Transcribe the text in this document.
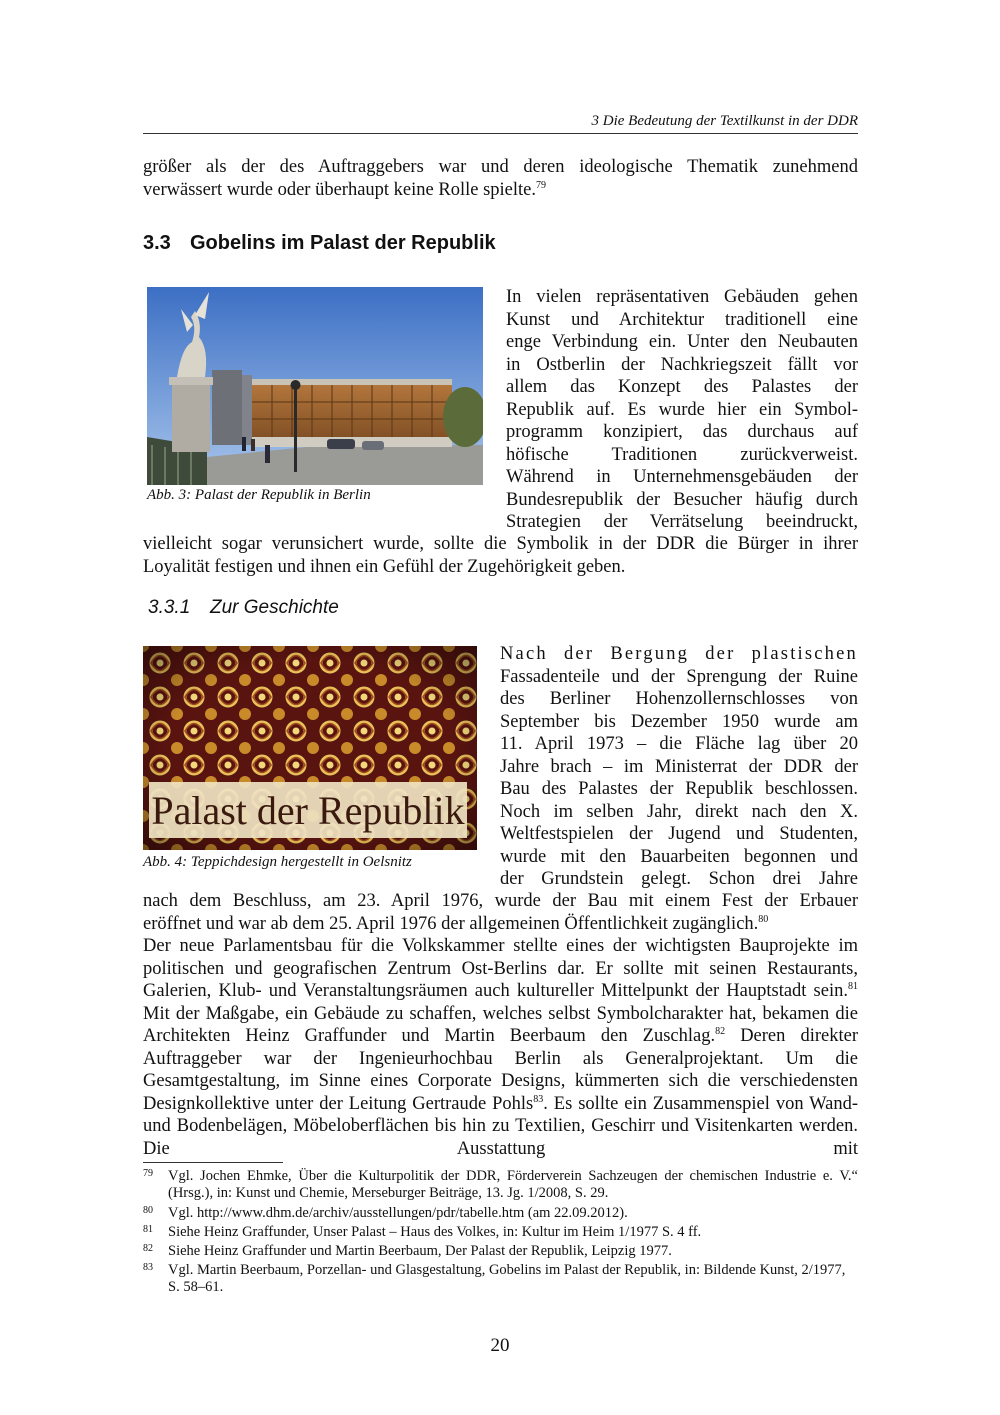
3 Die Bedeutung der Textilkunst in der DDR

größer als der des Auftraggebers war und deren ideologische Thematik zunehmend

verwässert wurde oder überhaupt keine Rolle spielte.$^{79}$

3.3 Gobelins im Palast der Republik
Abb. 3: Palast der Republik in Berlin

In vielen repräsentativen Gebäuden gehen

Kunst und Architektur traditionell eine

enge Verbindung ein. Unter den Neubauten

in Ostberlin der Nachkriegszeit fällt vor

allem das Konzept des Palastes der

Republik auf. Es wurde hier ein Symbol-

programm konzipiert, das durchaus auf

höfische Traditionen zurückverweist.

Während in Unternehmensgebäuden der

Bundesrepublik der Besucher häufig durch

Strategien der Verrätselung beeindruckt,

vielleicht sogar verunsichert wurde, sollte die Symbolik in der DDR die Bürger in ihrer

Loyalität festigen und ihnen ein Gefühl der Zugehörigkeit geben.

3.3.1 Zur Geschichte
Palast der Republik
Abb. 4: Teppichdesign hergestellt in Oelsnitz

Nach der Bergung der plastischen

Fassadenteile und der Sprengung der Ruine

des Berliner Hohenzollernschlosses von

September bis Dezember 1950 wurde am

11. April 1973 – die Fläche lag über 20

Jahre brach – im Ministerrat der DDR der

Bau des Palastes der Republik beschlossen.

Noch im selben Jahr, direkt nach den X.

Weltfestspielen der Jugend und Studenten,

wurde mit den Bauarbeiten begonnen und

der Grundstein gelegt. Schon drei Jahre

nach dem Beschluss, am 23. April 1976, wurde der Bau mit einem Fest der Erbauer

eröffnet und war ab dem 25. April 1976 der allgemeinen Öffentlichkeit zugänglich.$^{80}$

Der neue Parlamentsbau für die Volkskammer stellte eines der wichtigsten Bauprojekte im politischen und geografischen Zentrum Ost-Berlins dar. Er sollte mit seinen Restaurants, Galerien, Klub- und Veranstaltungsräumen auch kultureller Mittelpunkt der Hauptstadt sein.$^{81}$ Mit der Maßgabe, ein Gebäude zu schaffen, welches selbst Symbolcharakter hat, bekamen die Architekten Heinz Graffunder und Martin Beerbaum den Zuschlag.$^{82}$ Deren direkter Auftraggeber war der Ingenieurhochbau Berlin als Generalprojektant. Um die Gesamtgestaltung, im Sinne eines Corporate Designs, kümmerten sich die verschiedensten Designkollektive unter der Leitung Gertraude Pohls$^{83}$. Es sollte ein Zusammenspiel von Wand- und Bodenbelägen, Möbeloberflächen bis hin zu Textilien, Geschirr und Visitenkarten werden. Die Ausstattung mit

79 Vgl. Jochen Ehmke, Über die Kulturpolitik der DDR, Förderverein Sachzeugen der chemischen Industrie e. V.“ (Hrsg.), in: Kunst und Chemie, Merseburger Beiträge, 13. Jg. 1/2008, S. 29.
80 Vgl. http://www.dhm.de/archiv/ausstellungen/pdr/tabelle.htm (am 22.09.2012).
81 Siehe Heinz Graffunder, Unser Palast – Haus des Volkes, in: Kultur im Heim 1/1977 S. 4 ff.
82 Siehe Heinz Graffunder und Martin Beerbaum, Der Palast der Republik, Leipzig 1977.
83 Vgl. Martin Beerbaum, Porzellan- und Glasgestaltung, Gobelins im Palast der Republik, in: Bildende Kunst, 2/1977, S. 58–61.
20
